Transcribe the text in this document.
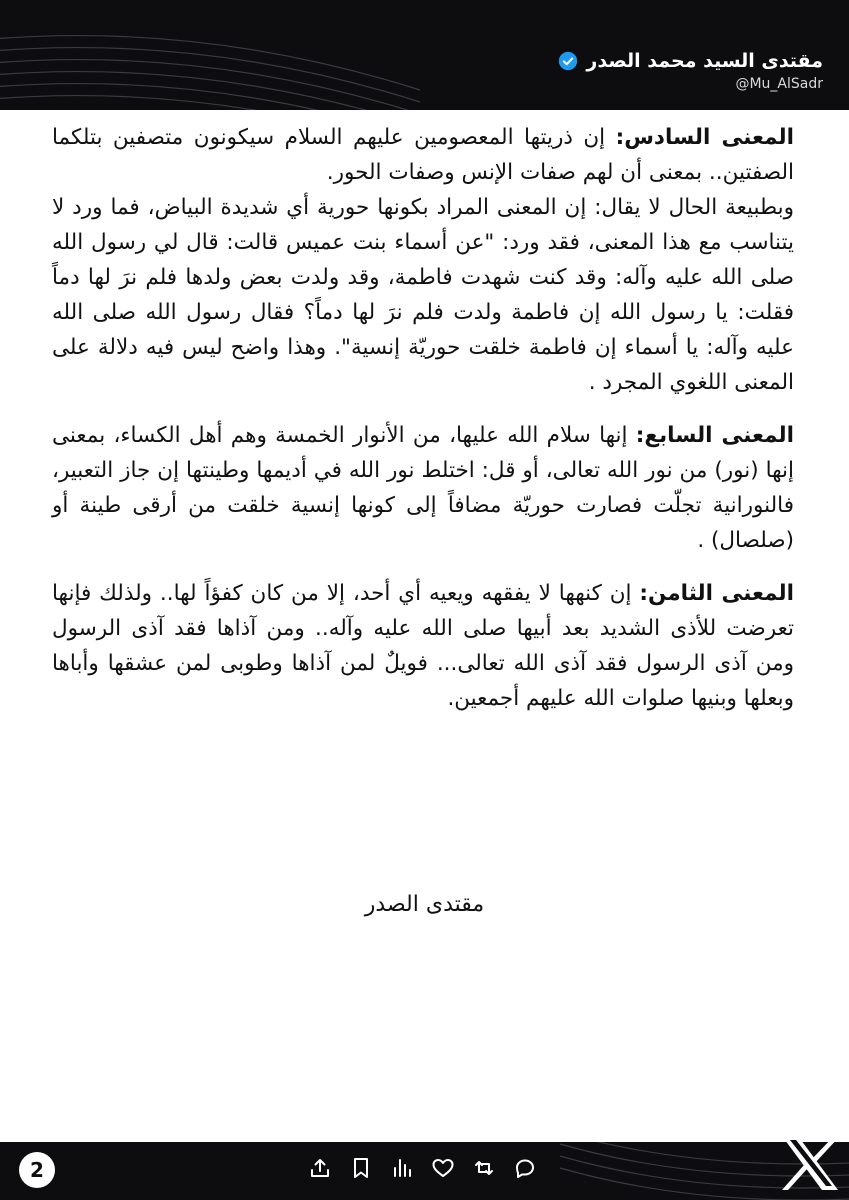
مقتدى السيد محمد الصدر
@Mu_AlSadr

المعنى السادس: إن ذريتها المعصومين عليهم السلام سيكونون متصفين بتلكما الصفتين.. بمعنى أن لهم صفات الإنس وصفات الحور.
وبطبيعة الحال لا يقال: إن المعنى المراد بكونها حورية أي شديدة البياض، فما ورد لا يتناسب مع هذا المعنى، فقد ورد: "عن أسماء بنت عميس قالت: قال لي رسول الله صلى الله عليه وآله: وقد كنت شهدت فاطمة، وقد ولدت بعض ولدها فلم نرَ لها دماً فقلت: يا رسول الله إن فاطمة ولدت فلم نرَ لها دماً؟ فقال رسول الله صلى الله عليه وآله: يا أسماء إن فاطمة خلقت حوريّة إنسية". وهذا واضح ليس فيه دلالة على المعنى اللغوي المجرد .

المعنى السابع: إنها سلام الله عليها، من الأنوار الخمسة وهم أهل الكساء، بمعنى إنها (نور) من نور الله تعالى، أو قل: اختلط نور الله في أديمها وطينتها إن جاز التعبير، فالنورانية تجلّت فصارت حوريّة مضافاً إلى كونها إنسية خلقت من أرقى طينة أو (صلصال) .

المعنى الثامن: إن كنهها لا يفقهه ويعيه أي أحد، إلا من كان كفؤاً لها.. ولذلك فإنها تعرضت للأذى الشديد بعد أبيها صلى الله عليه وآله.. ومن آذاها فقد آذى الرسول ومن آذى الرسول فقد آذى الله تعالى... فويلٌ لمن آذاها وطوبى لمن عشقها وأباها وبعلها وبنيها صلوات الله عليهم أجمعين.

مقتدى الصدر
2
